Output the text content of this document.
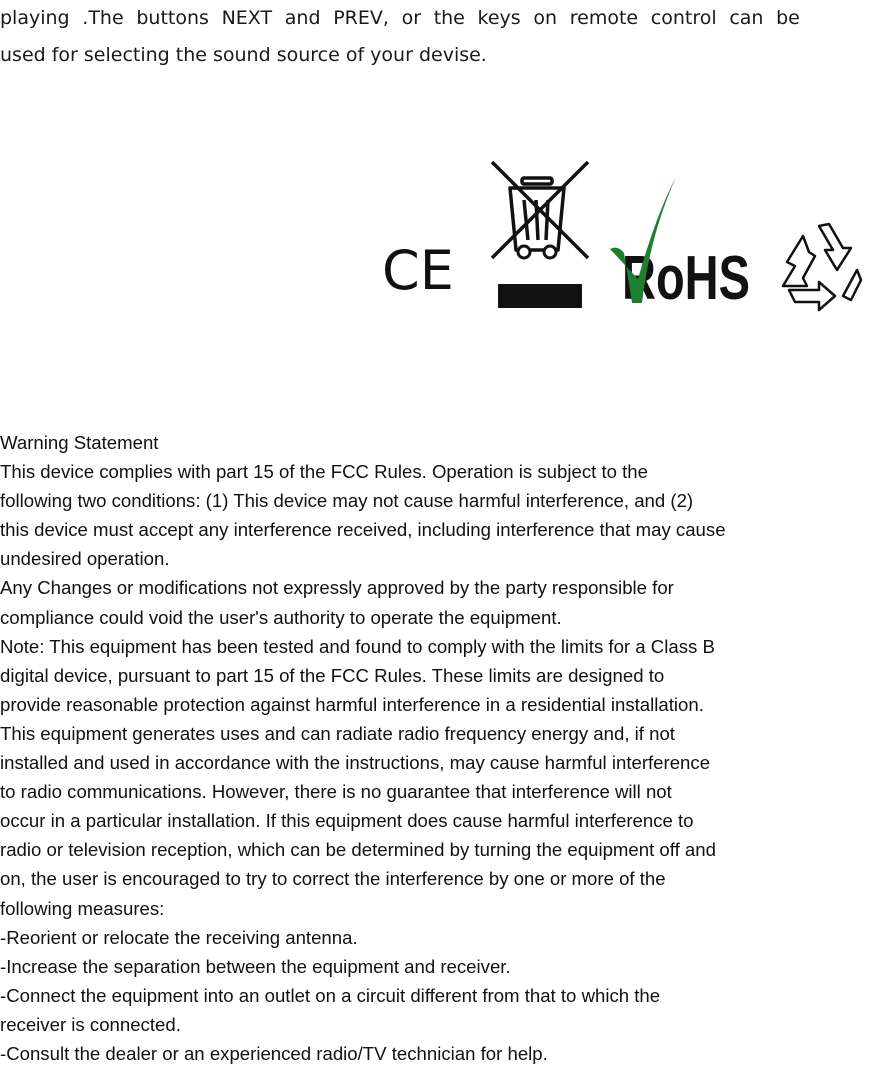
playing .The buttons NEXT and PREV, or the keys on remote control can be

used for selecting the sound source of your devise.

CE	RoHS

Warning Statement

This device complies with part 15 of the FCC Rules. Operation is subject to the

following two conditions: (1) This device may not cause harmful interference, and (2)

this device must accept any interference received, including interference that may cause

undesired operation.

Any Changes or modifications not expressly approved by the party responsible for

compliance could void the user's authority to operate the equipment.

Note: This equipment has been tested and found to comply with the limits for a Class B

digital device, pursuant to part 15 of the FCC Rules. These limits are designed to

provide reasonable protection against harmful interference in a residential installation.

This equipment generates uses and can radiate radio frequency energy and, if not

installed and used in accordance with the instructions, may cause harmful interference

to radio communications. However, there is no guarantee that interference will not

occur in a particular installation. If this equipment does cause harmful interference to

radio or television reception, which can be determined by turning the equipment off and

on, the user is encouraged to try to correct the interference by one or more of the

following measures:

-Reorient or relocate the receiving antenna.

-Increase the separation between the equipment and receiver.

-Connect the equipment into an outlet on a circuit different from that to which the

receiver is connected.

-Consult the dealer or an experienced radio/TV technician for help.
